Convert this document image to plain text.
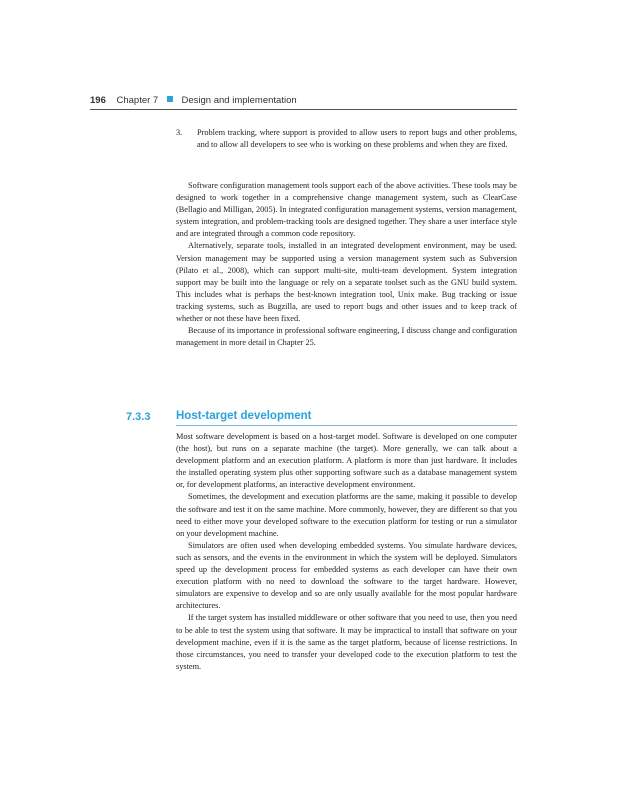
196 Chapter 7 Design and implementation
3. Problem tracking, where support is provided to allow users to report bugs and other problems, and to allow all developers to see who is working on these problems and when they are fixed.

Software configuration management tools support each of the above activities. These tools may be designed to work together in a comprehensive change management system, such as ClearCase (Bellagio and Milligan, 2005). In integrated configuration management systems, version management, system integration, and problem-tracking tools are designed together. They share a user interface style and are integrated through a common code repository.

Alternatively, separate tools, installed in an integrated development environment, may be used. Version management may be supported using a version management system such as Subversion (Pilato et al., 2008), which can support multi-site, multi-team development. System integration support may be built into the language or rely on a separate toolset such as the GNU build system. This includes what is perhaps the best-known integration tool, Unix make. Bug tracking or issue tracking systems, such as Bugzilla, are used to report bugs and other issues and to keep track of whether or not these have been fixed.

Because of its importance in professional software engineering, I discuss change and configuration management in more detail in Chapter 25.

7.3.3 Host-target development

Most software development is based on a host-target model. Software is developed on one computer (the host), but runs on a separate machine (the target). More generally, we can talk about a development platform and an execution platform. A platform is more than just hardware. It includes the installed operating system plus other supporting software such as a database management system or, for development platforms, an interactive development environment.

Sometimes, the development and execution platforms are the same, making it possible to develop the software and test it on the same machine. More commonly, however, they are different so that you need to either move your developed software to the execution platform for testing or run a simulator on your development machine.

Simulators are often used when developing embedded systems. You simulate hardware devices, such as sensors, and the events in the environment in which the system will be deployed. Simulators speed up the development process for embedded systems as each developer can have their own execution platform with no need to download the software to the target hardware. However, simulators are expensive to develop and so are only usually available for the most popular hardware architectures.

If the target system has installed middleware or other software that you need to use, then you need to be able to test the system using that software. It may be impractical to install that software on your development machine, even if it is the same as the target platform, because of license restrictions. In those circumstances, you need to transfer your developed code to the execution platform to test the system.
